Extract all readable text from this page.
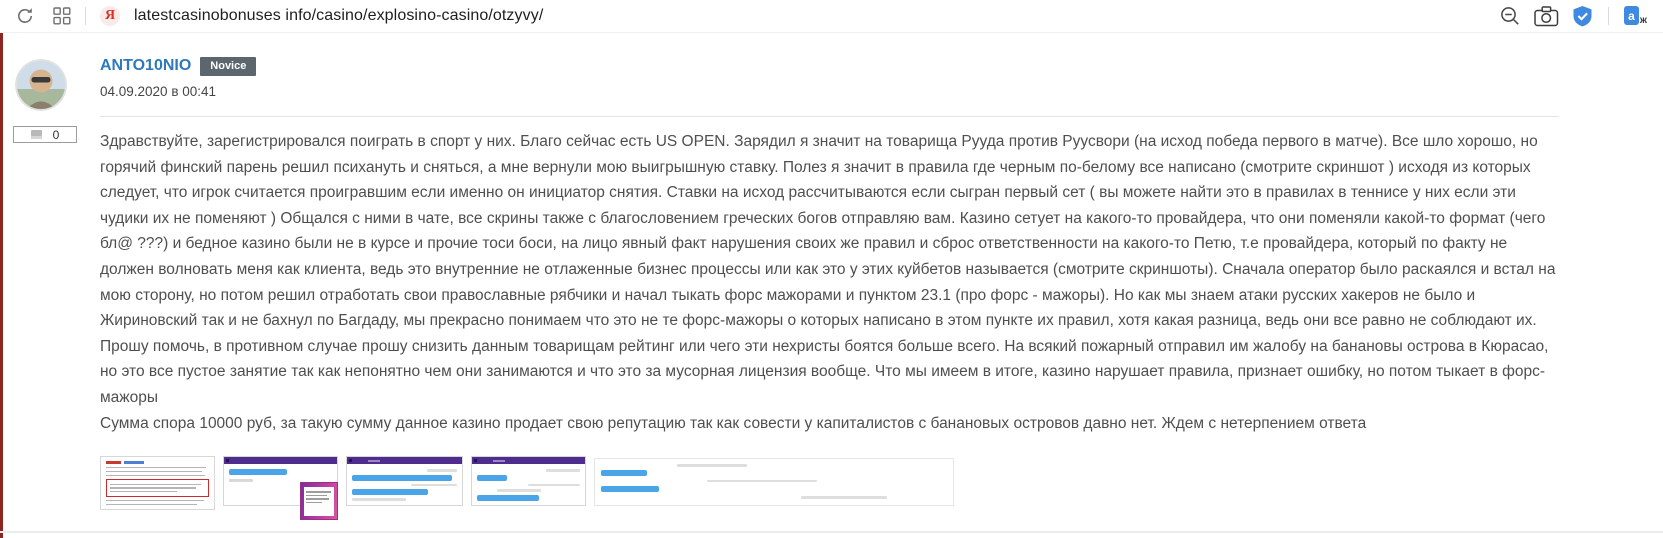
Я	latestcasinobonuses info/casino/explosino-casino/otzyvy/	a ж
0
ANTO10NIO	Novice
04.09.2020 в 00:41

Здравствуйте, зарегистрировался поиграть в спорт у них. Благо сейчас есть US OPEN. Зарядил я значит на товарища Рууда против Руусвори (на исход победа первого в матче). Все шло хорошо, но горячий финский парень решил психануть и сняться, а мне вернули мою выигрышную ставку. Полез я значит в правила где черным по-белому все написано (смотрите скриншот ) исходя из которых следует, что игрок считается проигравшим если именно он инициатор снятия. Ставки на исход рассчитываются если сыгран первый сет ( вы можете найти это в правилах в теннисе у них если эти чудики их не поменяют ) Общался с ними в чате, все скрины также с благословением греческих богов отправляю вам. Казино сетует на какого-то провайдера, что они поменяли какой-то формат (чего бл@ ???) и бедное казино были не в курсе и прочие тоси боси, на лицо явный факт нарушения своих же правил и сброс ответственности на какого-то Петю, т.е провайдера, который по факту не должен волновать меня как клиента, ведь это внутренние не отлаженные бизнес процессы или как это у этих куйбетов называется (смотрите скриншоты). Сначала оператор было раскаялся и встал на мою сторону, но потом решил отработать свои православные рябчики и начал тыкать форс мажорами и пунктом 23.1 (про форс - мажоры). Но как мы знаем атаки русских хакеров не было и Жириновский так и не бахнул по Багдаду, мы прекрасно понимаем что это не те форс-мажоры о которых написано в этом пункте их правил, хотя какая разница, ведь они все равно не соблюдают их. Прошу помочь, в противном случае прошу снизить данным товарищам рейтинг или чего эти нехристы боятся больше всего. На всякий пожарный отправил им жалобу на банановы острова в Кюрасао, но это все пустое занятие так как непонятно чем они занимаются и что это за мусорная лицензия вообще. Что мы имеем в итоге, казино нарушает правила, признает ошибку, но потом тыкает в форс- мажоры

Сумма спора 10000 руб, за такую сумму данное казино продает свою репутацию так как совести у капиталистов с банановых островов давно нет. Ждем с нетерпением ответа
